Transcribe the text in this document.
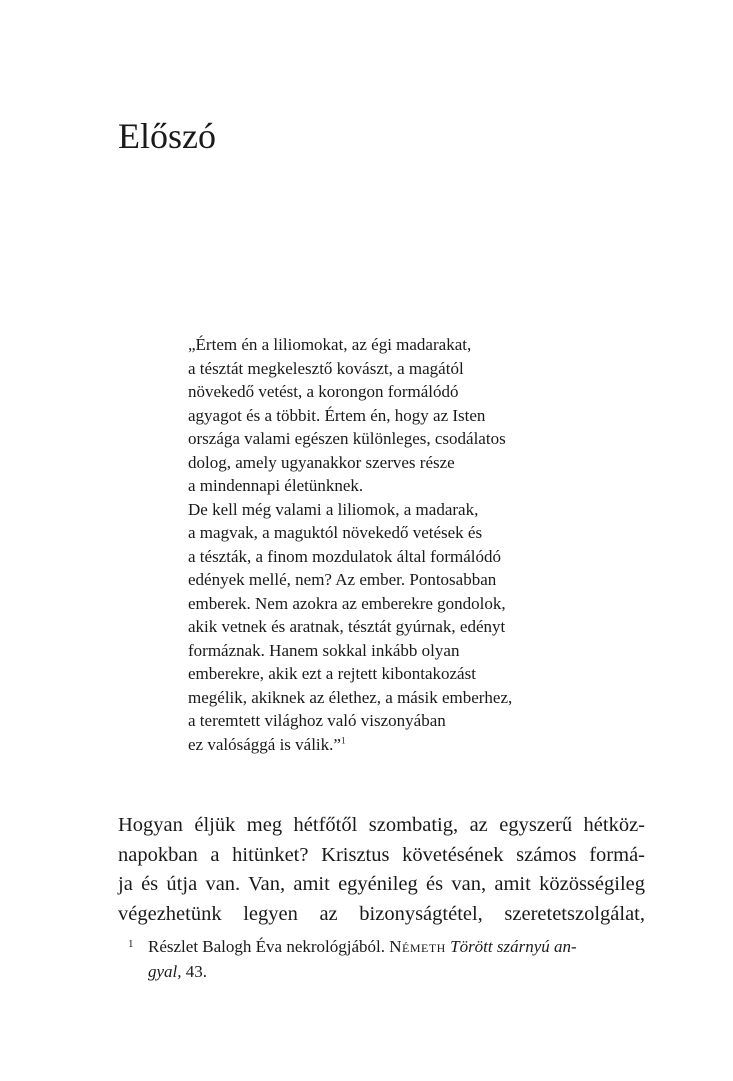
Előszó
„Értem én a liliomokat, az égi madarakat,
a tésztát megkelesztő kovászt, a magától
növekedő vetést, a korongon formálódó
agyagot és a többit. Értem én, hogy az Isten
országa valami egészen különleges, csodálatos
dolog, amely ugyanakkor szerves része
a mindennapi életünknek.
De kell még valami a liliomok, a madarak,
a magvak, a maguktól növekedő vetések és
a tészták, a finom mozdulatok által formálódó
edények mellé, nem? Az ember. Pontosabban
emberek. Nem azokra az emberekre gondolok,
akik vetnek és aratnak, tésztát gyúrnak, edényt
formáznak. Hanem sokkal inkább olyan
emberekre, akik ezt a rejtett kibontakozást
megélik, akiknek az élethez, a másik emberhez,
a teremtett világhoz való viszonyában
ez valósággá is válik.”$^1$
Hogyan éljük meg hétfőtől szombatig, az egyszerű hétköz-
napokban a hitünket? Krisztus követésének számos formá-
ja és útja van. Van, amit egyénileg és van, amit közösségileg
végezhetünk legyen az bizonyságtétel, szeretetszolgálat,
1 Részlet Balogh Éva nekrológjából. Németh Törött szárnyú an-
gyal, 43.
